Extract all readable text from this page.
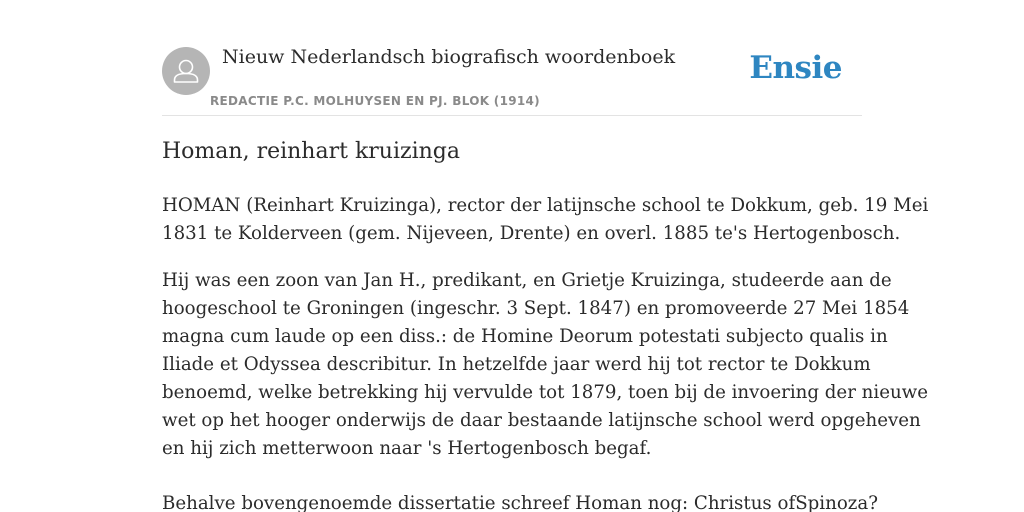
Nieuw Nederlandsch biografisch woordenboek
REDACTIE P.C. MOLHUYSEN EN PJ. BLOK (1914)
Ensie
Homan, reinhart kruizinga

HOMAN (Reinhart Kruizinga), rector der latijnsche school te Dokkum, geb. 19 Mei
1831 te Kolderveen (gem. Nijeveen, Drente) en overl. 1885 te's Hertogenbosch.

Hij was een zoon van Jan H., predikant, en Grietje Kruizinga, studeerde aan de
hoogeschool te Groningen (ingeschr. 3 Sept. 1847) en promoveerde 27 Mei 1854
magna cum laude op een diss.: de Homine Deorum potestati subjecto qualis in
Iliade et Odyssea describitur. In hetzelfde jaar werd hij tot rector te Dokkum
benoemd, welke betrekking hij vervulde tot 1879, toen bij de invoering der nieuwe
wet op het hooger onderwijs de daar bestaande latijnsche school werd opgeheven
en hij zich metterwoon naar 's Hertogenbosch begaf.

Behalve bovengenoemde dissertatie schreef Homan nog: Christus ofSpinoza?
